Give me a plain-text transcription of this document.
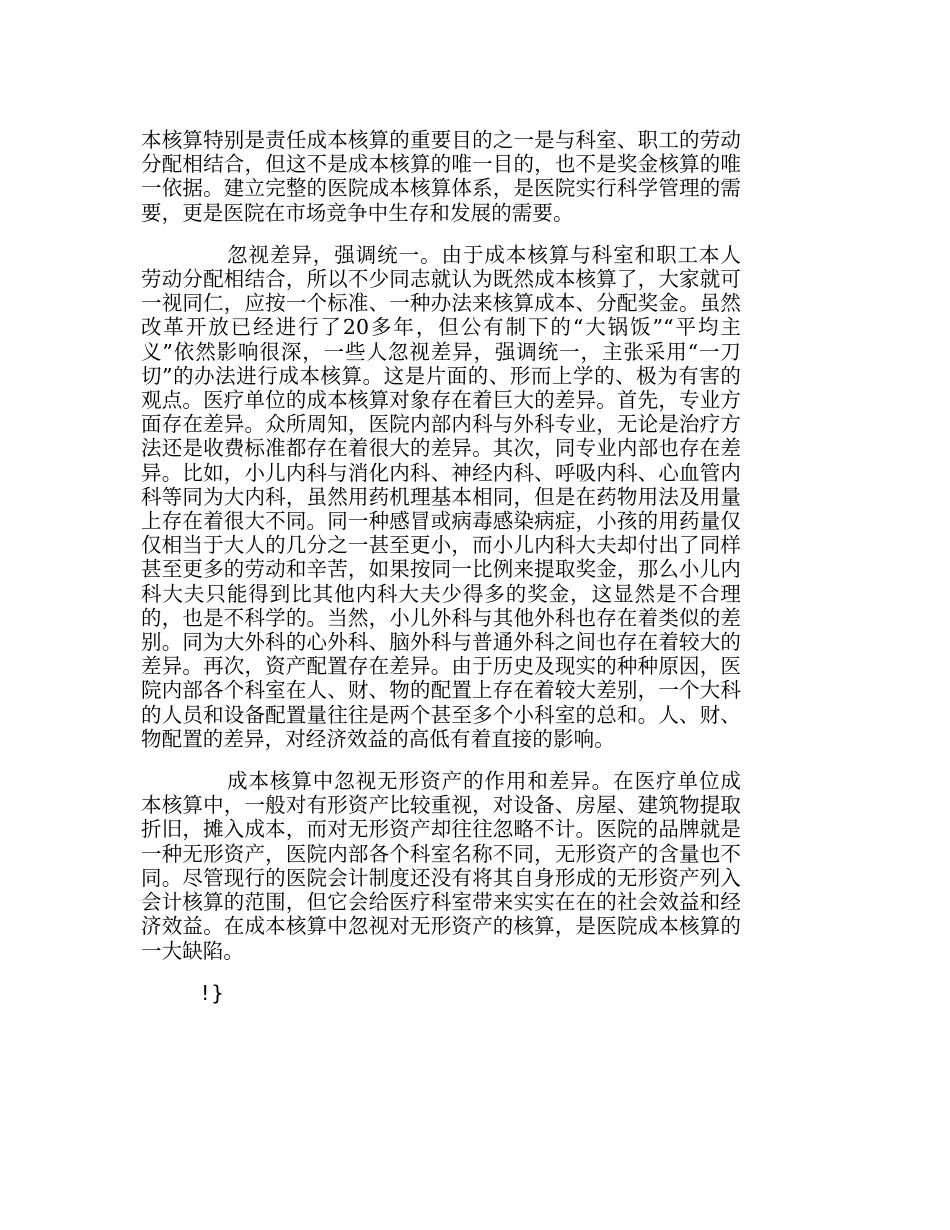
本核算特别是责任成本核算的重要目的之一是与科室、职工的劳动分配相结合，但这不是成本核算的唯一目的，也不是奖金核算的唯一依据。建立完整的医院成本核算体系，是医院实行科学管理的需要，更是医院在市场竞争中生存和发展的需要。

忽视差异，强调统一。由于成本核算与科室和职工本人劳动分配相结合，所以不少同志就认为既然成本核算了，大家就可一视同仁，应按一个标准、一种办法来核算成本、分配奖金。虽然改革开放已经进行了20多年，但公有制下的“大锅饭”“平均主义”依然影响很深，一些人忽视差异，强调统一，主张采用“一刀切”的办法进行成本核算。这是片面的、形而上学的、极为有害的观点。医疗单位的成本核算对象存在着巨大的差异。首先，专业方面存在差异。众所周知，医院内部内科与外科专业，无论是治疗方法还是收费标准都存在着很大的差异。其次，同专业内部也存在差异。比如，小儿内科与消化内科、神经内科、呼吸内科、心血管内科等同为大内科，虽然用药机理基本相同，但是在药物用法及用量上存在着很大不同。同一种感冒或病毒感染病症，小孩的用药量仅仅相当于大人的几分之一甚至更小，而小儿内科大夫却付出了同样甚至更多的劳动和辛苦，如果按同一比例来提取奖金，那么小儿内科大夫只能得到比其他内科大夫少得多的奖金，这显然是不合理的，也是不科学的。当然，小儿外科与其他外科也存在着类似的差别。同为大外科的心外科、脑外科与普通外科之间也存在着较大的差异。再次，资产配置存在差异。由于历史及现实的种种原因，医院内部各个科室在人、财、物的配置上存在着较大差别，一个大科的人员和设备配置量往往是两个甚至多个小科室的总和。人、财、物配置的差异，对经济效益的高低有着直接的影响。

成本核算中忽视无形资产的作用和差异。在医疗单位成本核算中，一般对有形资产比较重视，对设备、房屋、建筑物提取折旧，摊入成本，而对无形资产却往往忽略不计。医院的品牌就是一种无形资产，医院内部各个科室名称不同，无形资产的含量也不同。尽管现行的医院会计制度还没有将其自身形成的无形资产列入会计核算的范围，但它会给医疗科室带来实实在在的社会效益和经济效益。在成本核算中忽视对无形资产的核算，是医院成本核算的一大缺陷。

!}
